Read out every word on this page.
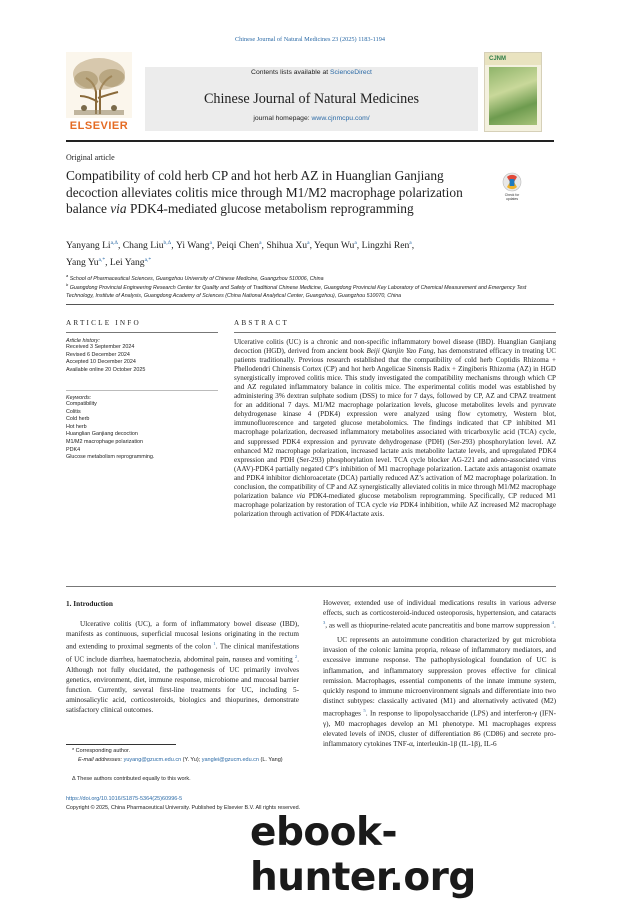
Chinese Journal of Natural Medicines 23 (2025) 1183-1194
ELSEVIER
Contents lists available at ScienceDirect
Chinese Journal of Natural Medicines
journal homepage: www.cjnmcpu.com/
CJNM
Original article
Compatibility of cold herb CP and hot herb AZ in Huanglian Ganjiang decoction alleviates colitis mice through M1/M2 macrophage polarization balance via PDK4-mediated glucose metabolism reprogramming
Check for
updates
Yanyang $Li^{a,\Delta}$, Chang Liu$^{b,\Delta}$, Yi Wang$^a$, Peiqi Chen$^a$, Shihua Xu$^a$, Yequn Wu$^a$, Lingzhi Ren$^a$,
Yang $Yu^{a,*}$, Lei Yang$^{a,*}$
$^a$ School of Pharmaceutical Sciences, Guangzhou University of Chinese Medicine, Guangzhou 510006, China
$^b$ Guangdong Provincial Engineering Research Center for Quality and Safety of Traditional Chinese Medicine, Guangdong Provincial Key Laboratory of Chemical Measurement and Emergency Test Technology, Institute of Analysis, Guangdong Academy of Sciences (China National Analytical Center, Guangzhou), Guangzhou 510070, China
ARTICLE INFO	ABSTRACT
Article history:
Received 3 September 2024
Revised 6 December 2024
Accepted 10 December 2024
Available online 20 October 2025
Keywords:
Compatibility
Colitis
Cold herb
Hot herb
Huanglian Ganjiang decoction
M1/M2 macrophage polarization
PDK4
Glucose metabolism reprogramming.
Ulcerative colitis (UC) is a chronic and non-specific inflammatory bowel disease (IBD). Huanglian Ganjiang decoction (HGD), derived from ancient book Beiji Qianjin Yao Fang, has demonstrated efficacy in treating UC patients traditionally. Previous research established that the compatibility of cold herb Coptidis Rhizoma + Phellodendri Chinensis Cortex (CP) and hot herb Angelicae Sinensis Radix + Zingiberis Rhizoma (AZ) in HGD synergistically improved colitis mice. This study investigated the compatibility mechanisms through which CP and AZ regulated inflammatory balance in colitis mice. The experimental colitis model was established by administering 3% dextran sulphate sodium (DSS) to mice for 7 days, followed by CP, AZ and CPAZ treatment for an additional 7 days. M1/M2 macrophage polarization levels, glucose metabolites levels and pyruvate dehydrogenase kinase 4 (PDK4) expression were analyzed using flow cytometry, Western blot, immunofluorescence and targeted glucose metabolomics. The findings indicated that CP inhibited M1 macrophage polarization, decreased inflammatory metabolites associated with tricarboxylic acid (TCA) cycle, and suppressed PDK4 expression and pyruvate dehydrogenase (PDH) (Ser-293) phosphorylation level. AZ enhanced M2 macrophage polarization, increased lactate axis metabolite lactate levels, and upregulated PDK4 expression and PDH (Ser-293) phosphorylation level. TCA cycle blocker AG-221 and adeno-associated virus (AAV)-PDK4 partially negated CP’s inhibition of M1 macrophage polarization. Lactate axis antagonist oxamate and PDK4 inhibitor dichloroacetate (DCA) partially reduced AZ’s activation of M2 macrophage polarization. In conclusion, the compatibility of CP and AZ synergistically alleviated colitis in mice through M1/M2 macrophage polarization balance via PDK4-mediated glucose metabolism reprogramming. Specifically, CP reduced M1 macrophage polarization by restoration of TCA cycle via PDK4 inhibition, while AZ increased M2 macrophage polarization through activation of PDK4/lactate axis.
1. Introduction
Ulcerative colitis (UC), a form of inflammatory bowel disease (IBD), manifests as continuous, superficial mucosal lesions originating in the rectum and extending to proximal segments of the colon $^1$. The clinical manifestations of UC include diarrhea, haematochezia, abdominal pain, nausea and vomiting $^2$. Although not fully elucidated, the pathogenesis of UC primarily involves genetics, environment, diet, immune response, microbiome and mucosal barrier function. Currently, several first-line treatments for UC, including 5-aminosalicylic acid, corticosteroids, biologics and thiopurines, demonstrate satisfactory clinical outcomes.
However, extended use of individual medications results in various adverse effects, such as corticosteroid-induced osteoporosis, hypertension, and cataracts $^3$, as well as thiopurine-related acute pancreatitis and bone marrow suppression $^4$.
UC represents an autoimmune condition characterized by gut microbiota invasion of the colonic lamina propria, release of inflammatory mediators, and excessive immune response. The pathophysiological foundation of UC is inflammation, and inflammatory suppression proves effective for clinical remission. Macrophages, essential components of the innate immune system, quickly respond to immune microenvironment signals and differentiate into two distinct subtypes: classically activated (M1) and alternatively activated (M2) macrophages $^5$. In response to lipopolysaccharide (LPS) and interferon-γ (IFN-γ), M0 macrophages develop an M1 phenotype. M1 macrophages express elevated levels of iNOS, cluster of differentiation 86 (CD86) and secrete pro-inflammatory cytokines TNF-α, interleukin-1β (IL-1β), IL-6
* Corresponding author.
E-mail addresses: yuyang@gzucm.edu.cn (Y. Yu); yanglei@gzucm.edu.cn (L. Yang)
Δ These authors contributed equally to this work.
https://doi.org/10.1016/S1875-5364(25)60996-5
Copyright © 2025, China Pharmaceutical University. Published by Elsevier B.V. All rights reserved.
ebook-hunter.org
